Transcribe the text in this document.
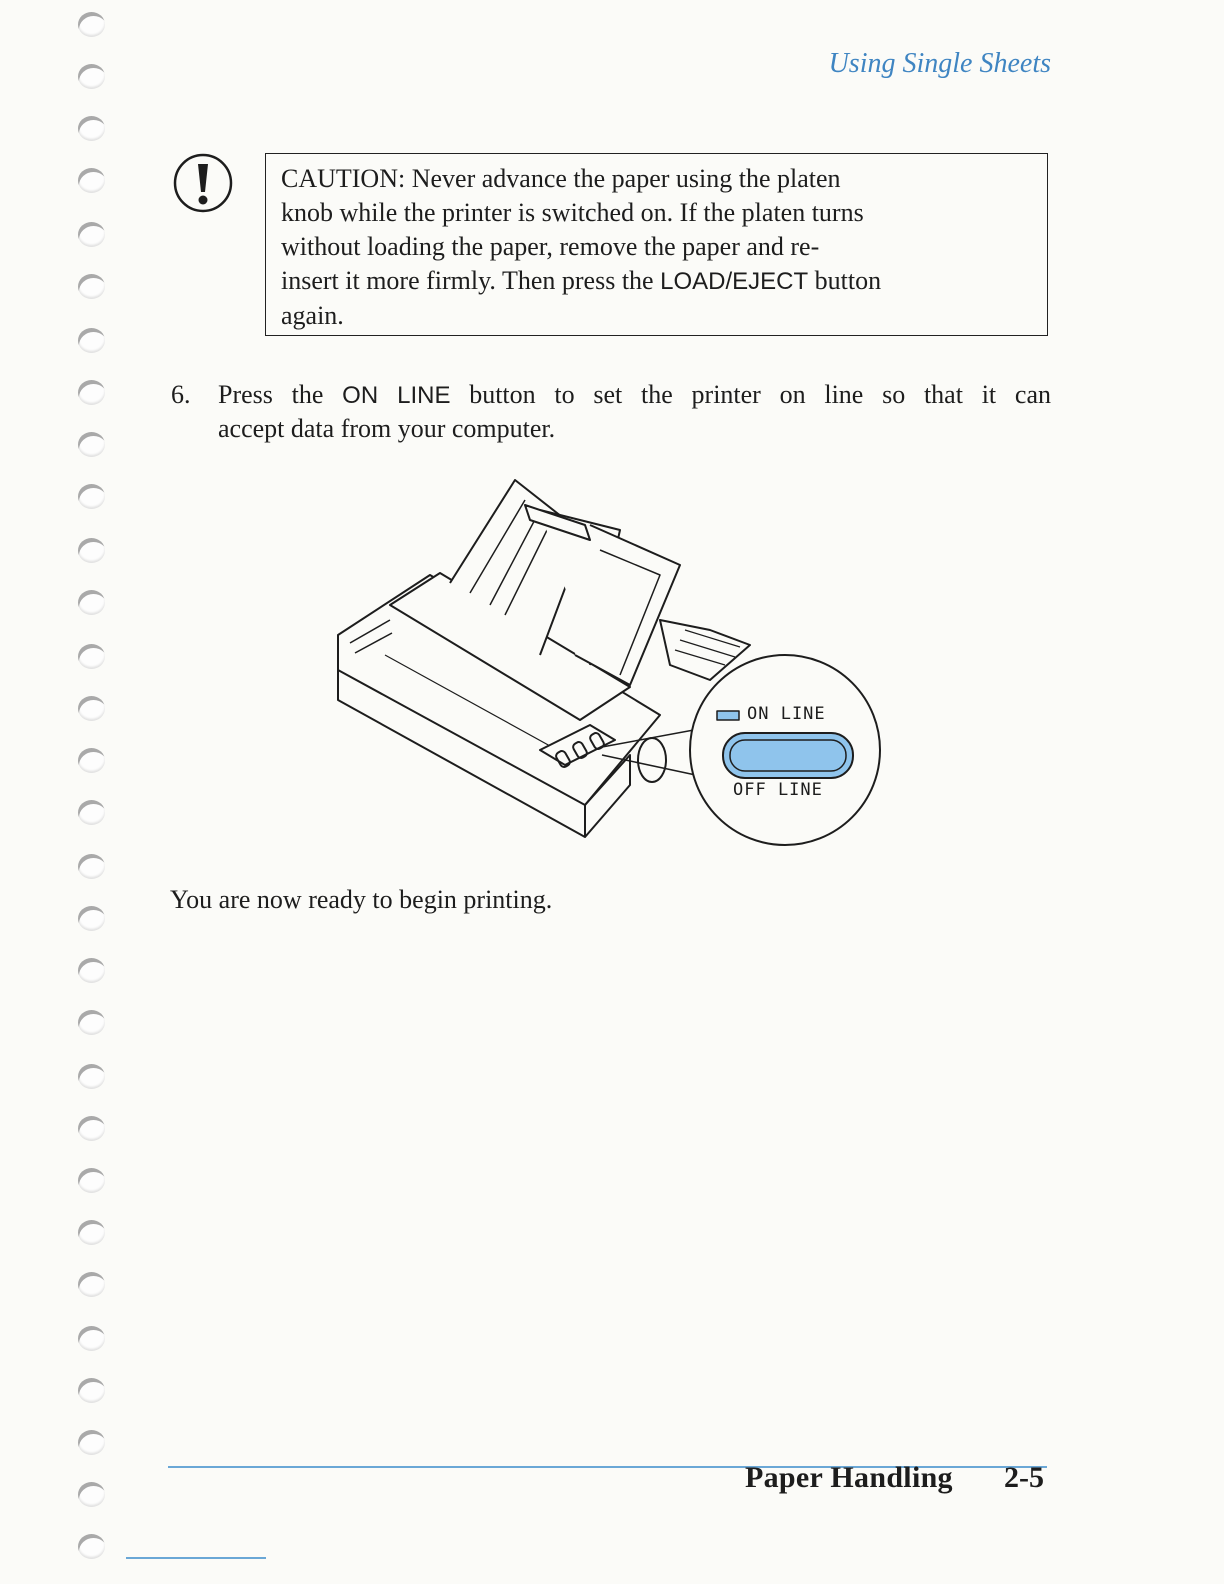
Using Single Sheets
CAUTION: Never advance the paper using the platen
knob while the printer is switched on. If the platen turns
without loading the paper, remove the paper and re-
insert it more firmly. Then press the LOAD/EJECT button
again.
6. Press the ON LINE button to set the printer on line so that it can
accept data from your computer.
ON LINE
OFF LINE
You are now ready to begin printing.
Paper Handling 2-5
